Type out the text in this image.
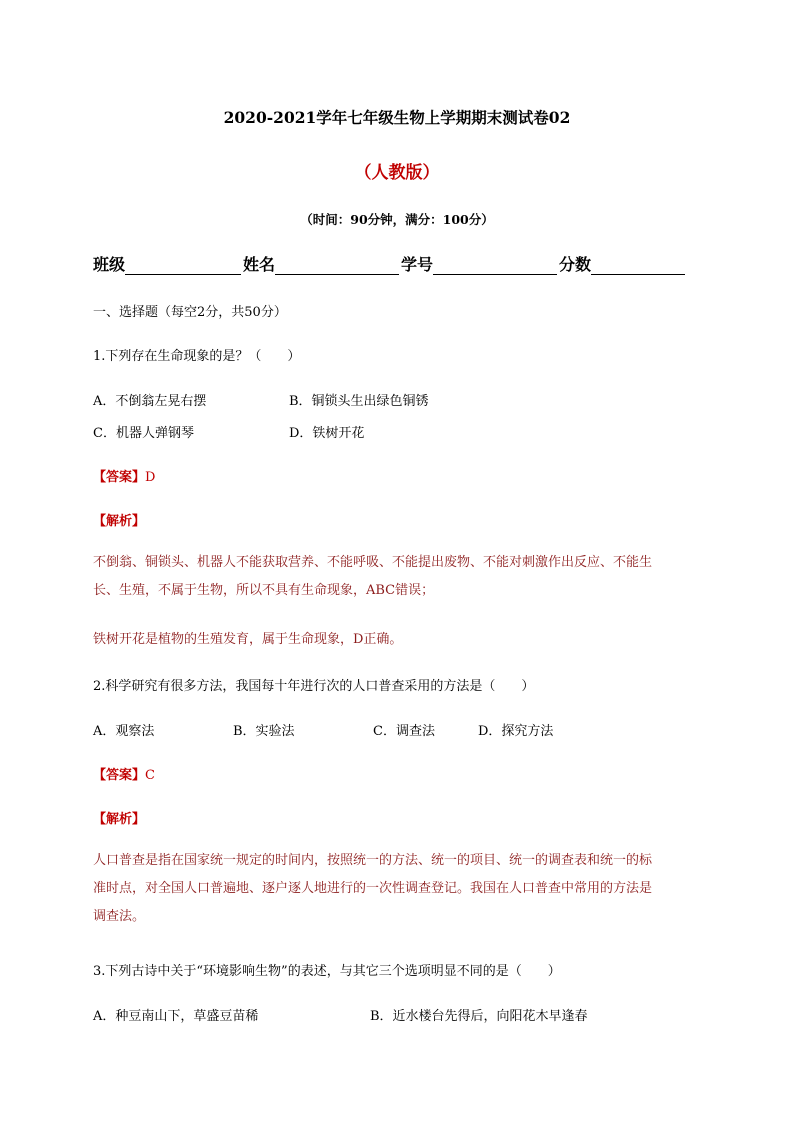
2020-2021学年七年级生物上学期期末测试卷02
（人教版）
（时间：90分钟，满分：100分）
班级	姓名	学号	分数
一、选择题（每空2分，共50分）
1.下列存在生命现象的是？（　　）
A．不倒翁左晃右摆	B．铜锁头生出绿色铜锈
C．机器人弹钢琴	D．铁树开花
【答案】D
【解析】
不倒翁、铜锁头、机器人不能获取营养、不能呼吸、不能提出废物、不能对刺激作出反应、不能生
长、生殖，不属于生物，所以不具有生命现象，ABC错误；
铁树开花是植物的生殖发育，属于生命现象，D正确。
2.科学研究有很多方法，我国每十年进行次的人口普查采用的方法是（　　）
A．观察法	B．实验法	C．调查法	D．探究方法
【答案】C
【解析】
人口普查是指在国家统一规定的时间内，按照统一的方法、统一的项目、统一的调查表和统一的标
准时点，对全国人口普遍地、逐户逐人地进行的一次性调查登记。我国在人口普查中常用的方法是
调查法。
3.下列古诗中关于“环境影响生物”的表述，与其它三个选项明显不同的是（　　）
A．种豆南山下，草盛豆苗稀	B．近水楼台先得后，向阳花木早逢春
